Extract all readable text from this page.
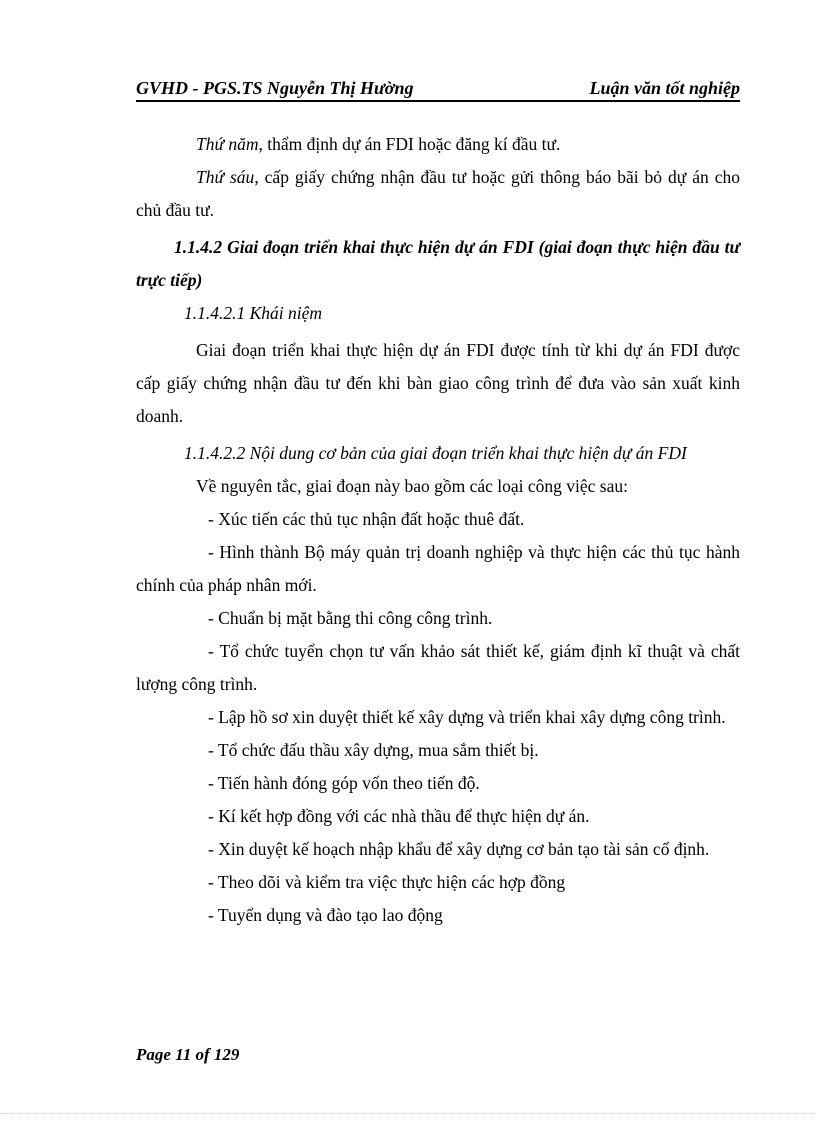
GVHD - PGS.TS Nguyễn Thị Hường	Luận văn tốt nghiệp

Thứ năm, thẩm định dự án FDI hoặc đăng kí đầu tư.

Thứ sáu, cấp giấy chứng nhận đầu tư hoặc gửi thông báo bãi bỏ dự án cho chủ đầu tư.

1.1.4.2 Giai đoạn triển khai thực hiện dự án FDI (giai đoạn thực hiện đầu tư trực tiếp)

1.1.4.2.1 Khái niệm

Giai đoạn triển khai thực hiện dự án FDI được tính từ khi dự án FDI được cấp giấy chứng nhận đầu tư đến khi bàn giao công trình để đưa vào sản xuất kinh doanh.

1.1.4.2.2 Nội dung cơ bản của giai đoạn triển khai thực hiện dự án FDI

Về nguyên tắc, giai đoạn này bao gồm các loại công việc sau:

- Xúc tiến các thủ tục nhận đất hoặc thuê đất.

- Hình thành Bộ máy quản trị doanh nghiệp và thực hiện các thủ tục hành chính của pháp nhân mới.

- Chuẩn bị mặt bằng thi công công trình.

- Tổ chức tuyển chọn tư vấn khảo sát thiết kế, giám định kĩ thuật và chất lượng công trình.

- Lập hồ sơ xin duyệt thiết kế xây dựng và triển khai xây dựng công trình.

- Tổ chức đấu thầu xây dựng, mua sắm thiết bị.

- Tiến hành đóng góp vốn theo tiến độ.

- Kí kết hợp đồng với các nhà thầu để thực hiện dự án.

- Xin duyệt kế hoạch nhập khẩu để xây dựng cơ bản tạo tài sản cố định.

- Theo dõi và kiểm tra việc thực hiện các hợp đồng

- Tuyển dụng và đào tạo lao động

Page 11 of 129
